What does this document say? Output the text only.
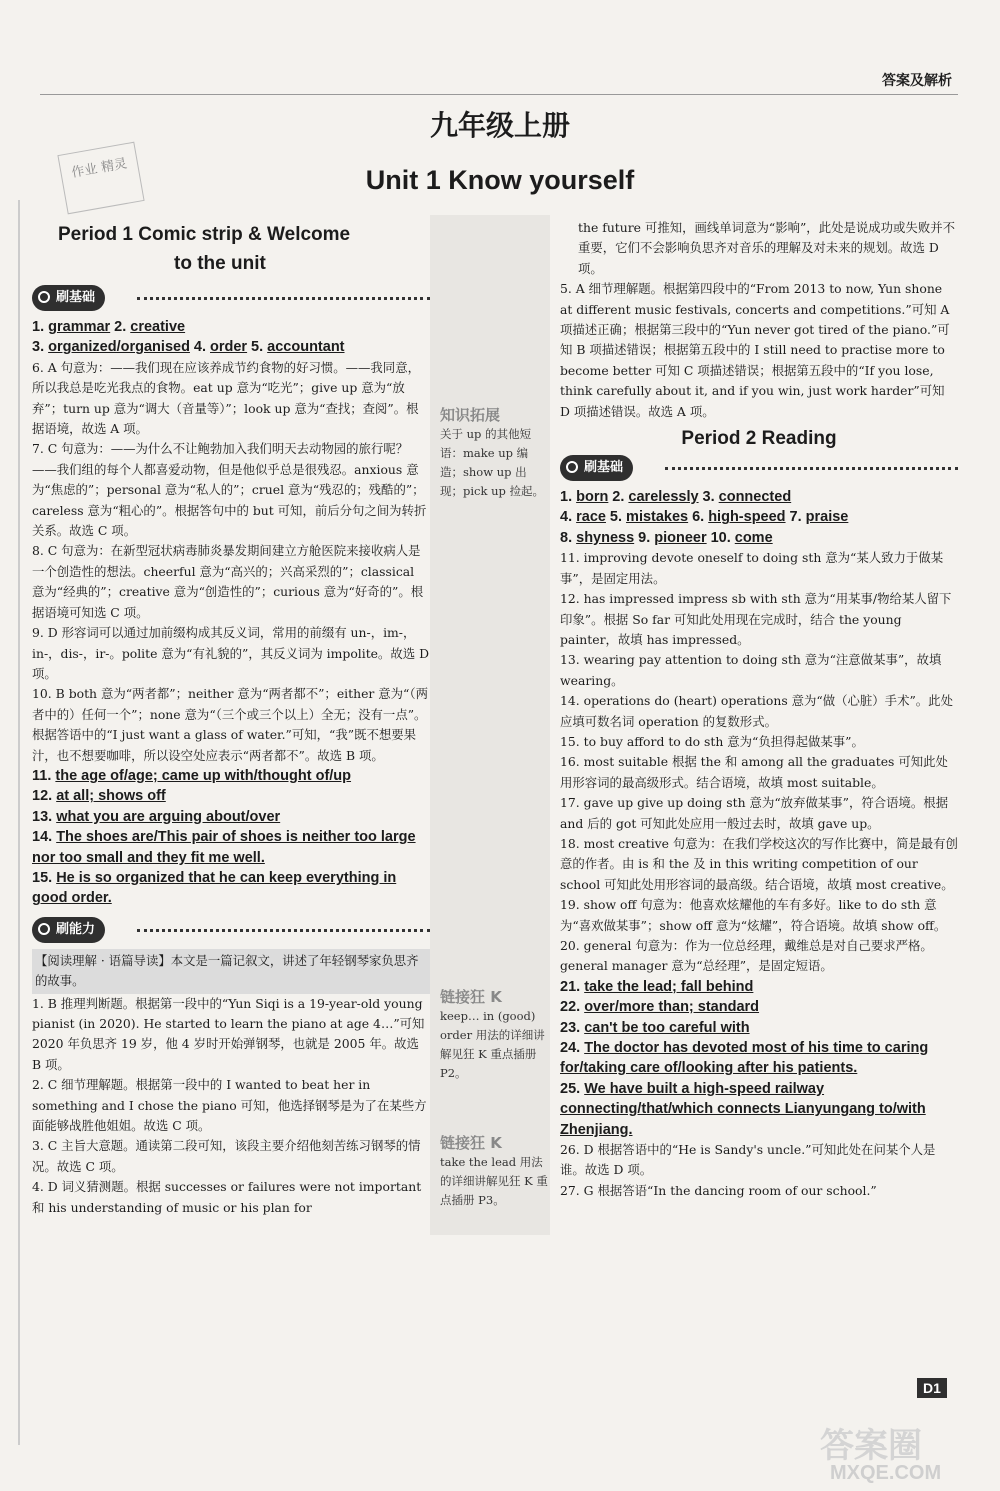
答案及解析
九年级上册
作业 精灵	Unit 1 Know yourself
Period 1 Comic strip & Welcome
to the unit
刷基础

1. grammar 2. creative

3. organized/organised 4. order 5. accountant

6. A 句意为：——我们现在应该养成节约食物的好习惯。——我同意，所以我总是吃光我点的食物。eat up 意为“吃光”；give up 意为“放弃”；turn up 意为“调大（音量等）”；look up 意为“查找；查阅”。根据语境，故选 A 项。

7. C 句意为：——为什么不让鲍勃加入我们明天去动物园的旅行呢？——我们组的每个人都喜爱动物，但是他似乎总是很残忍。anxious 意为“焦虑的”；personal 意为“私人的”；cruel 意为“残忍的；残酷的”；careless 意为“粗心的”。根据答句中的 but 可知，前后分句之间为转折关系。故选 C 项。

8. C 句意为：在新型冠状病毒肺炎暴发期间建立方舱医院来接收病人是一个创造性的想法。cheerful 意为“高兴的；兴高采烈的”；classical 意为“经典的”；creative 意为“创造性的”；curious 意为“好奇的”。根据语境可知选 C 项。

9. D 形容词可以通过加前缀构成其反义词，常用的前缀有 un-，im-，in-，dis-，ir-。polite 意为“有礼貌的”，其反义词为 impolite。故选 D 项。

10. B both 意为“两者都”；neither 意为“两者都不”；either 意为“（两者中的）任何一个”；none 意为“（三个或三个以上）全无；没有一点”。根据答语中的“I just want a glass of water.”可知，“我”既不想要果汁，也不想要咖啡，所以设空处应表示“两者都不”。故选 B 项。

11. the age of/age; came up with/thought of/up

12. at all; shows off

13. what you are arguing about/over

14. The shoes are/This pair of shoes is neither too large nor too small and they fit me well.

15. He is so organized that he can keep everything in good order.

刷能力

【阅读理解 · 语篇导读】本文是一篇记叙文，讲述了年轻钢琴家负思齐的故事。

1. B 推理判断题。根据第一段中的“Yun Siqi is a 19-year-old young pianist (in 2020). He started to learn the piano at age 4…”可知 2020 年负思齐 19 岁，他 4 岁时开始弹钢琴，也就是 2005 年。故选 B 项。

2. C 细节理解题。根据第一段中的 I wanted to beat her in something and I chose the piano 可知，他选择钢琴是为了在某些方面能够战胜他姐姐。故选 C 项。

3. C 主旨大意题。通读第二段可知，该段主要介绍他刻苦练习钢琴的情况。故选 C 项。

4. D 词义猜测题。根据 successes or failures were not important 和 his understanding of music or his plan for

知识拓展
关于 up 的其他短语：make up 编造；show up 出现；pick up 捡起。
链接狂 K
keep… in (good) order 用法的详细讲解见狂 K 重点插册 P2。
链接狂 K
take the lead 用法的详细讲解见狂 K 重点插册 P3。

the future 可推知，画线单词意为“影响”，此处是说成功或失败并不重要，它们不会影响负思齐对音乐的理解及对未来的规划。故选 D 项。

5. A 细节理解题。根据第四段中的“From 2013 to now, Yun shone at different music festivals, concerts and competitions.”可知 A 项描述正确；根据第三段中的“Yun never got tired of the piano.”可知 B 项描述错误；根据第五段中的 I still need to practise more to become better 可知 C 项描述错误；根据第五段中的“If you lose, think carefully about it, and if you win, just work harder”可知 D 项描述错误。故选 A 项。

Period 2 Reading
刷基础

1. born 2. carelessly 3. connected

4. race 5. mistakes 6. high-speed 7. praise

8. shyness 9. pioneer 10. come

11. improving devote oneself to doing sth 意为“某人致力于做某事”，是固定用法。

12. has impressed impress sb with sth 意为“用某事/物给某人留下印象”。根据 So far 可知此处用现在完成时，结合 the young painter，故填 has impressed。

13. wearing pay attention to doing sth 意为“注意做某事”，故填 wearing。

14. operations do (heart) operations 意为“做（心脏）手术”。此处应填可数名词 operation 的复数形式。

15. to buy afford to do sth 意为“负担得起做某事”。

16. most suitable 根据 the 和 among all the graduates 可知此处用形容词的最高级形式。结合语境，故填 most suitable。

17. gave up give up doing sth 意为“放弃做某事”，符合语境。根据 and 后的 got 可知此处应用一般过去时，故填 gave up。

18. most creative 句意为：在我们学校这次的写作比赛中，简是最有创意的作者。由 is 和 the 及 in this writing competition of our school 可知此处用形容词的最高级。结合语境，故填 most creative。

19. show off 句意为：他喜欢炫耀他的车有多好。like to do sth 意为“喜欢做某事”；show off 意为“炫耀”，符合语境。故填 show off。

20. general 句意为：作为一位总经理，戴维总是对自己要求严格。general manager 意为“总经理”，是固定短语。

21. take the lead; fall behind

22. over/more than; standard

23. can't be too careful with

24. The doctor has devoted most of his time to caring for/taking care of/looking after his patients.

25. We have built a high-speed railway connecting/that/which connects Lianyungang to/with Zhenjiang.

26. D 根据答语中的“He is Sandy's uncle.”可知此处在问某个人是谁。故选 D 项。

27. G 根据答语“In the dancing room of our school.”

D1
答案圈
MXQE.COM
